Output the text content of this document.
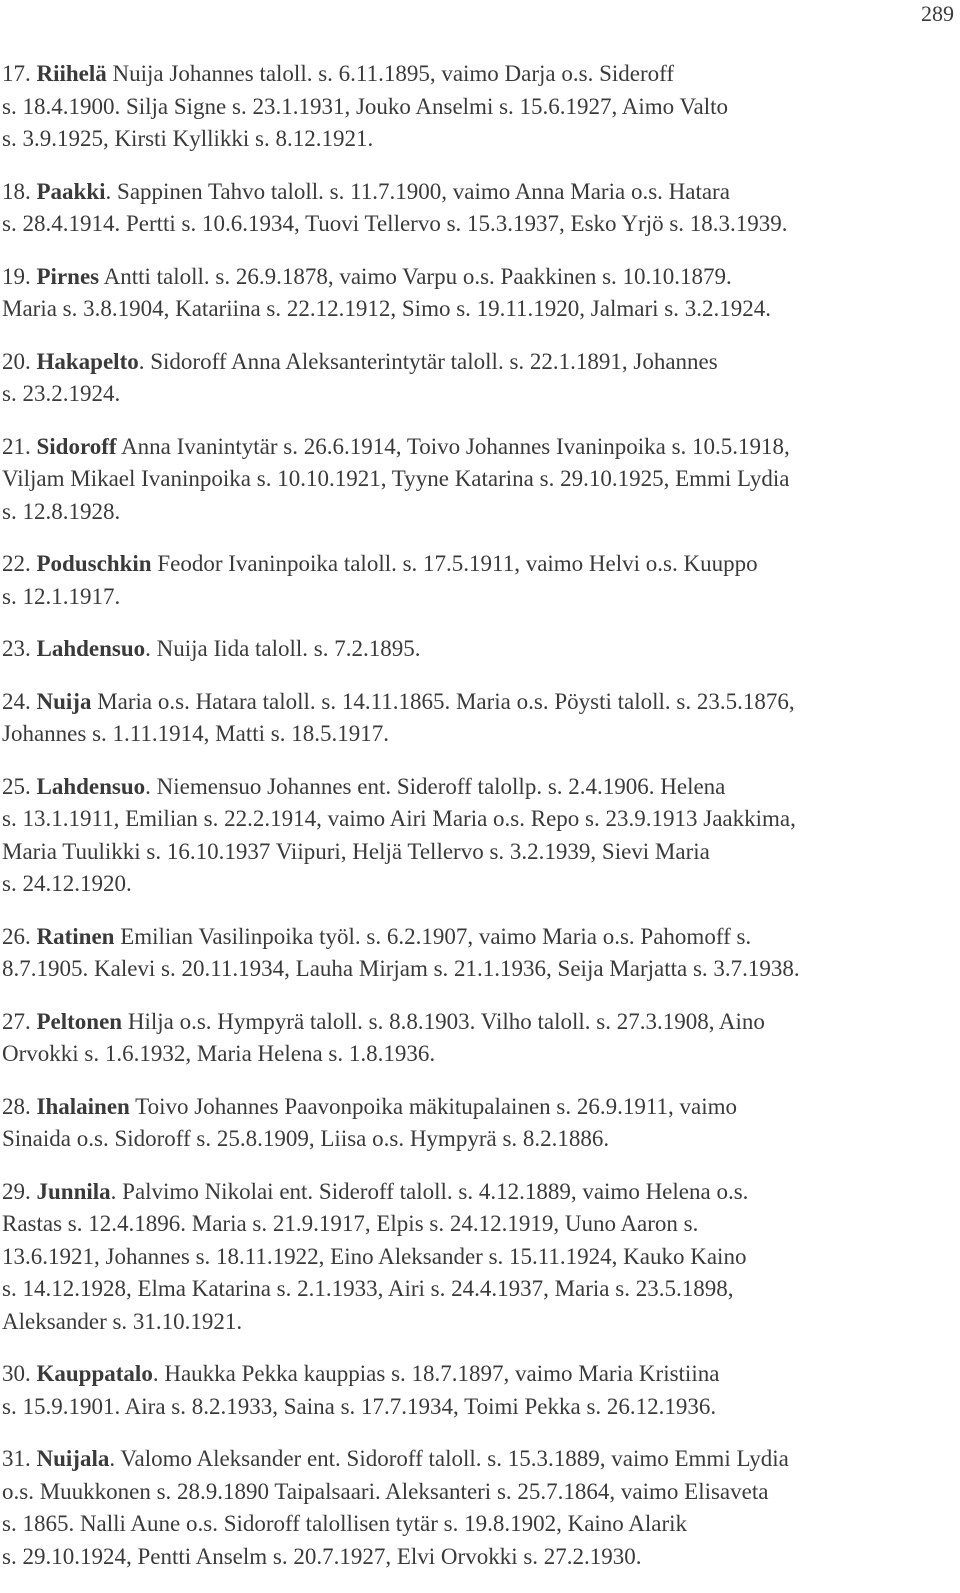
289

17. Riihelä Nuija Johannes taloll. s. 6.11.1895, vaimo Darja o.s. Sideroff
s. 18.4.1900. Silja Signe s. 23.1.1931, Jouko Anselmi s. 15.6.1927, Aimo Valto
s. 3.9.1925, Kirsti Kyllikki s. 8.12.1921.

18. Paakki. Sappinen Tahvo taloll. s. 11.7.1900, vaimo Anna Maria o.s. Hatara
s. 28.4.1914. Pertti s. 10.6.1934, Tuovi Tellervo s. 15.3.1937, Esko Yrjö s. 18.3.1939.

19. Pirnes Antti taloll. s. 26.9.1878, vaimo Varpu o.s. Paakkinen s. 10.10.1879.
Maria s. 3.8.1904, Katariina s. 22.12.1912, Simo s. 19.11.1920, Jalmari s. 3.2.1924.

20. Hakapelto. Sidoroff Anna Aleksanterintytär taloll. s. 22.1.1891, Johannes
s. 23.2.1924.

21. Sidoroff Anna Ivanintytär s. 26.6.1914, Toivo Johannes Ivaninpoika s. 10.5.1918,
Viljam Mikael Ivaninpoika s. 10.10.1921, Tyyne Katarina s. 29.10.1925, Emmi Lydia
s. 12.8.1928.

22. Poduschkin Feodor Ivaninpoika taloll. s. 17.5.1911, vaimo Helvi o.s. Kuuppo
s. 12.1.1917.

23. Lahdensuo. Nuija Iida taloll. s. 7.2.1895.

24. Nuija Maria o.s. Hatara taloll. s. 14.11.1865. Maria o.s. Pöysti taloll. s. 23.5.1876,
Johannes s. 1.11.1914, Matti s. 18.5.1917.

25. Lahdensuo. Niemensuo Johannes ent. Sideroff talollp. s. 2.4.1906. Helena
s. 13.1.1911, Emilian s. 22.2.1914, vaimo Airi Maria o.s. Repo s. 23.9.1913 Jaakkima,
Maria Tuulikki s. 16.10.1937 Viipuri, Heljä Tellervo s. 3.2.1939, Sievi Maria
s. 24.12.1920.

26. Ratinen Emilian Vasilinpoika työl. s. 6.2.1907, vaimo Maria o.s. Pahomoff s.
8.7.1905. Kalevi s. 20.11.1934, Lauha Mirjam s. 21.1.1936, Seija Marjatta s. 3.7.1938.

27. Peltonen Hilja o.s. Hympyrä taloll. s. 8.8.1903. Vilho taloll. s. 27.3.1908, Aino
Orvokki s. 1.6.1932, Maria Helena s. 1.8.1936.

28. Ihalainen Toivo Johannes Paavonpoika mäkitupalainen s. 26.9.1911, vaimo
Sinaida o.s. Sidoroff s. 25.8.1909, Liisa o.s. Hympyrä s. 8.2.1886.

29. Junnila. Palvimo Nikolai ent. Sideroff taloll. s. 4.12.1889, vaimo Helena o.s.
Rastas s. 12.4.1896. Maria s. 21.9.1917, Elpis s. 24.12.1919, Uuno Aaron s.
13.6.1921, Johannes s. 18.11.1922, Eino Aleksander s. 15.11.1924, Kauko Kaino
s. 14.12.1928, Elma Katarina s. 2.1.1933, Airi s. 24.4.1937, Maria s. 23.5.1898,
Aleksander s. 31.10.1921.

30. Kauppatalo. Haukka Pekka kauppias s. 18.7.1897, vaimo Maria Kristiina
s. 15.9.1901. Aira s. 8.2.1933, Saina s. 17.7.1934, Toimi Pekka s. 26.12.1936.

31. Nuijala. Valomo Aleksander ent. Sidoroff taloll. s. 15.3.1889, vaimo Emmi Lydia
o.s. Muukkonen s. 28.9.1890 Taipalsaari. Aleksanteri s. 25.7.1864, vaimo Elisaveta
s. 1865. Nalli Aune o.s. Sidoroff talollisen tytär s. 19.8.1902, Kaino Alarik
s. 29.10.1924, Pentti Anselm s. 20.7.1927, Elvi Orvokki s. 27.2.1930.
